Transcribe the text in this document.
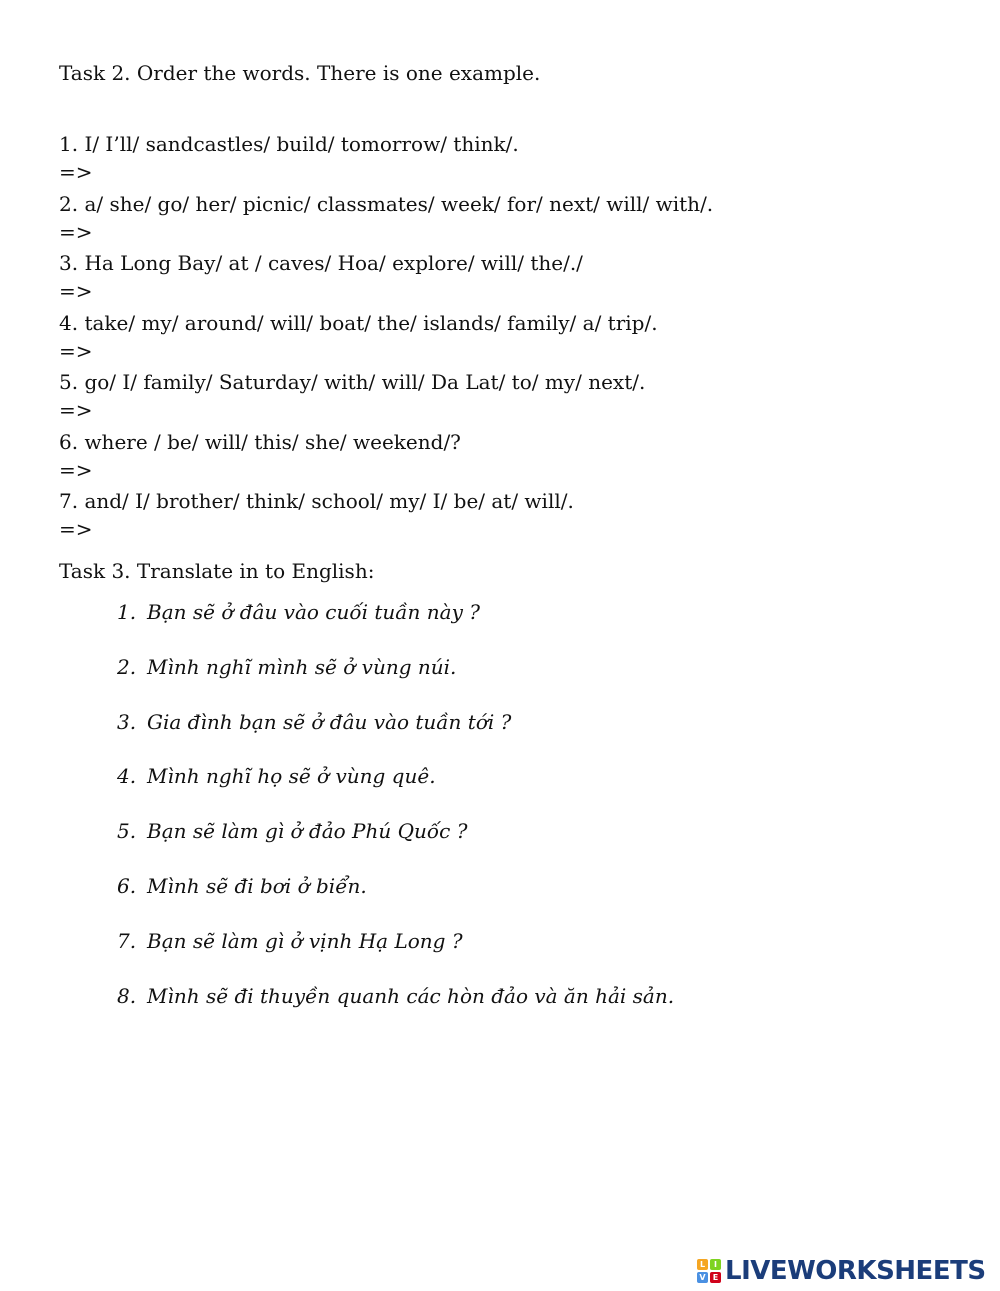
Task 2. Order the words. There is one example.
1. I/ I’ll/ sandcastles/ build/ tomorrow/ think/.
=>
2. a/ she/ go/ her/ picnic/ classmates/ week/ for/ next/ will/ with/.
=>
3. Ha Long Bay/ at / caves/ Hoa/ explore/ will/ the/./
=>
4. take/ my/ around/ will/ boat/ the/ islands/ family/ a/ trip/.
=>
5. go/ I/ family/ Saturday/ with/ will/ Da Lat/ to/ my/ next/.
=>
6. where / be/ will/ this/ she/ weekend/?
=>
7. and/ I/ brother/ think/ school/ my/ I/ be/ at/ will/.
=>
Task 3. Translate in to English:
1. Bạn sẽ ở đâu vào cuối tuần này ?
2. Mình nghĩ mình sẽ ở vùng núi.
3. Gia đình bạn sẽ ở đâu vào tuần tới ?
4. Mình nghĩ họ sẽ ở vùng quê.
5. Bạn sẽ làm gì ở đảo Phú Quốc ?
6. Mình sẽ đi bơi ở biển.
7. Bạn sẽ làm gì ở vịnh Hạ Long ?
8. Mình sẽ đi thuyền quanh các hòn đảo và ăn hải sản.
L	I
V E LIVEWORKSHEETS
